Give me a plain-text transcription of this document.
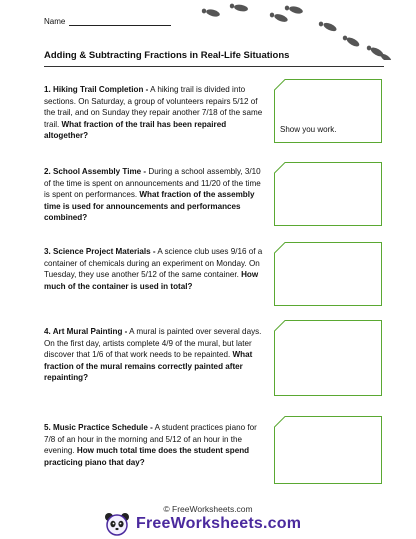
Name
Adding & Subtracting Fractions in Real-Life Situations
1. Hiking Trail Completion - A hiking trail is divided into sections. On Saturday, a group of volunteers repairs 5/12 of the trail, and on Sunday they repair another 7/18 of the same trail. What fraction of the trail has been repaired altogether?
2. School Assembly Time - During a school assembly, 3/10 of the time is spent on announcements and 11/20 of the time is spent on performances. What fraction of the assembly time is used for announcements and performances combined?
3. Science Project Materials - A science club uses 9/16 of a container of chemicals during an experiment on Monday. On Tuesday, they use another 5/12 of the same container. How much of the container is used in total?
4. Art Mural Painting - A mural is painted over several days. On the first day, artists complete 4/9 of the mural, but later discover that 1/6 of that work needs to be repainted. What fraction of the mural remains correctly painted after repainting?
5. Music Practice Schedule - A student practices piano for 7/8 of an hour in the morning and 5/12 of an hour in the evening. How much total time does the student spend practicing piano that day?
Show you work.
© FreeWorksheets.com
FreeWorksheets.com
